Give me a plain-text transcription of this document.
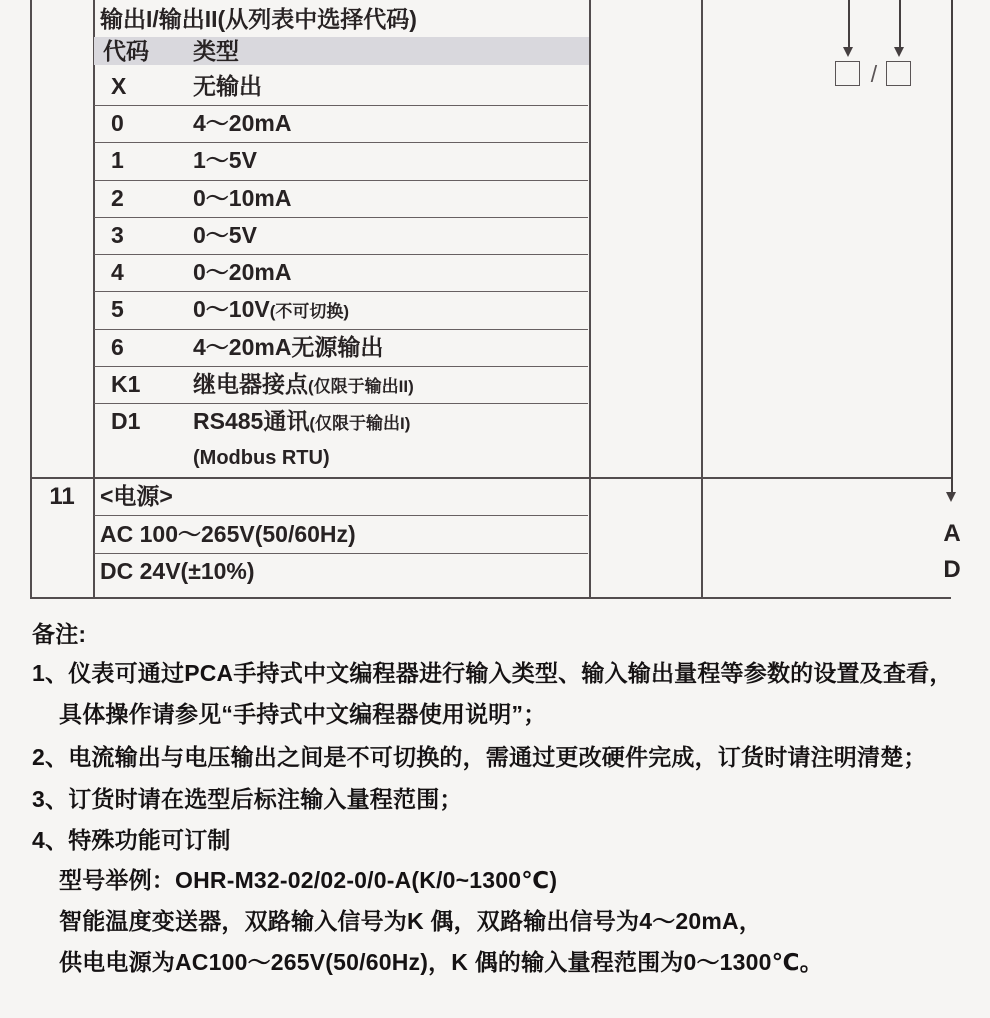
输出I/输出II(从列表中选择代码)
代码 类型
X	无输出
0	4～20mA
1	1～5V
2	0～10mA
3	0～5V
4	0～20mA
5	0～10V(不可切换)
6	4～20mA无源输出
K1 继电器接点(仅限于输出II)
D1 RS485通讯(仅限于输出I)
(Modbus RTU)
11	<电源>
AC 100～265V(50/60Hz)
DC 24V(±10%)
/
A
D
备注:
1、仪表可通过PCA手持式中文编程器进行输入类型、输入输出量程等参数的设置及查看，
具体操作请参见“手持式中文编程器使用说明”；
2、电流输出与电压输出之间是不可切换的，需通过更改硬件完成，订货时请注明清楚；
3、订货时请在选型后标注输入量程范围；
4、特殊功能可订制
型号举例：OHR-M32-02/02-0/0-A(K/0~1300℃)
智能温度变送器，双路输入信号为K 偶，双路输出信号为4～20mA，
供电电源为AC100～265V(50/60Hz)，K 偶的输入量程范围为0～1300℃。
